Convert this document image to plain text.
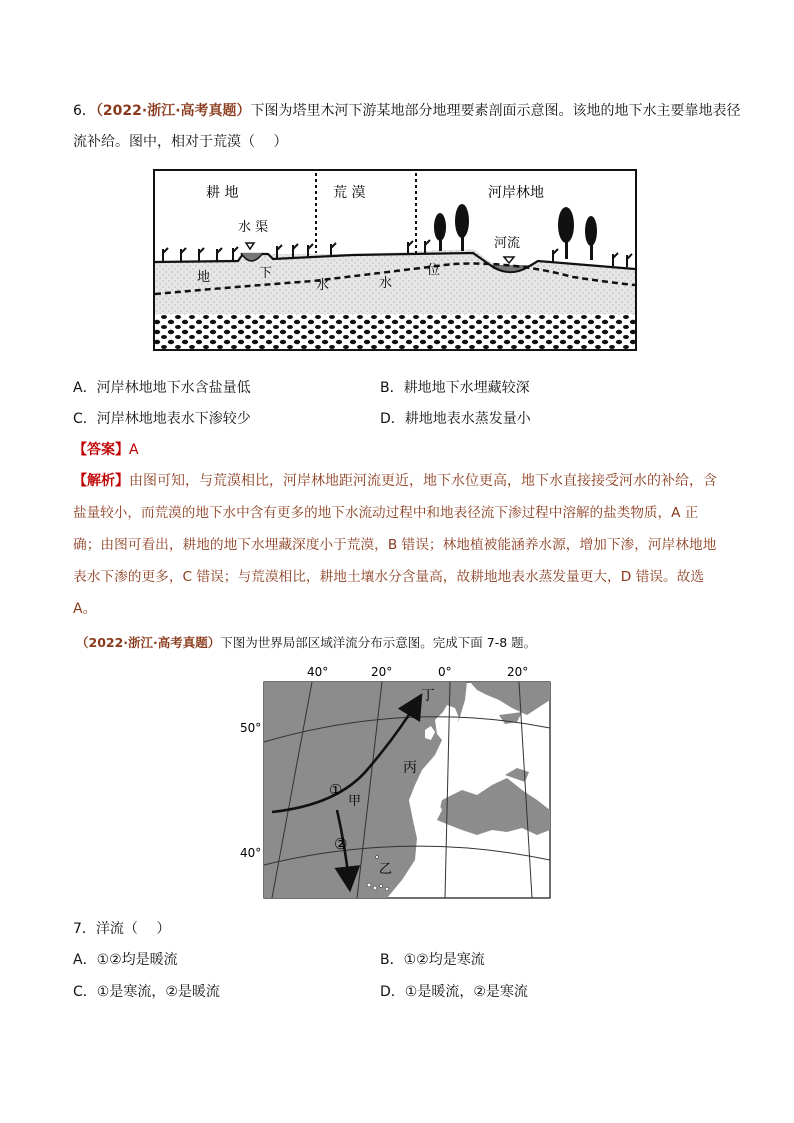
6．（2022·浙江·高考真题）下图为塔里木河下游某地部分地理要素剖面示意图。该地的地下水主要靠地表径
流补给。图中，相对于荒漠（　 ）
耕 地	荒 漠	河岸林地
水 渠
河流
地	下
水	水
位
A．河岸林地地下水含盐量低	B．耕地地下水埋藏较深
C．河岸林地地表水下渗较少	D．耕地地表水蒸发量小
【答案】A
【解析】由图可知，与荒漠相比，河岸林地距河流更近，地下水位更高，地下水直接接受河水的补给，含
盐量较小，而荒漠的地下水中含有更多的地下水流动过程中和地表径流下渗过程中溶解的盐类物质，A 正
确；由图可看出，耕地的地下水埋藏深度小于荒漠，B 错误；林地植被能涵养水源，增加下渗，河岸林地地
表水下渗的更多，C 错误；与荒漠相比，耕地土壤水分含量高，故耕地地表水蒸发量更大，D 错误。故选
A。
（2022·浙江·高考真题）下图为世界局部区域洋流分布示意图。完成下面 7-8 题。
40°	20°	0°	20°
50°
40°
丁
丙
甲
乙
①
②
7．洋流（　 ）
A．①②均是暖流	B．①②均是寒流
C．①是寒流，②是暖流	D．①是暖流，②是寒流
